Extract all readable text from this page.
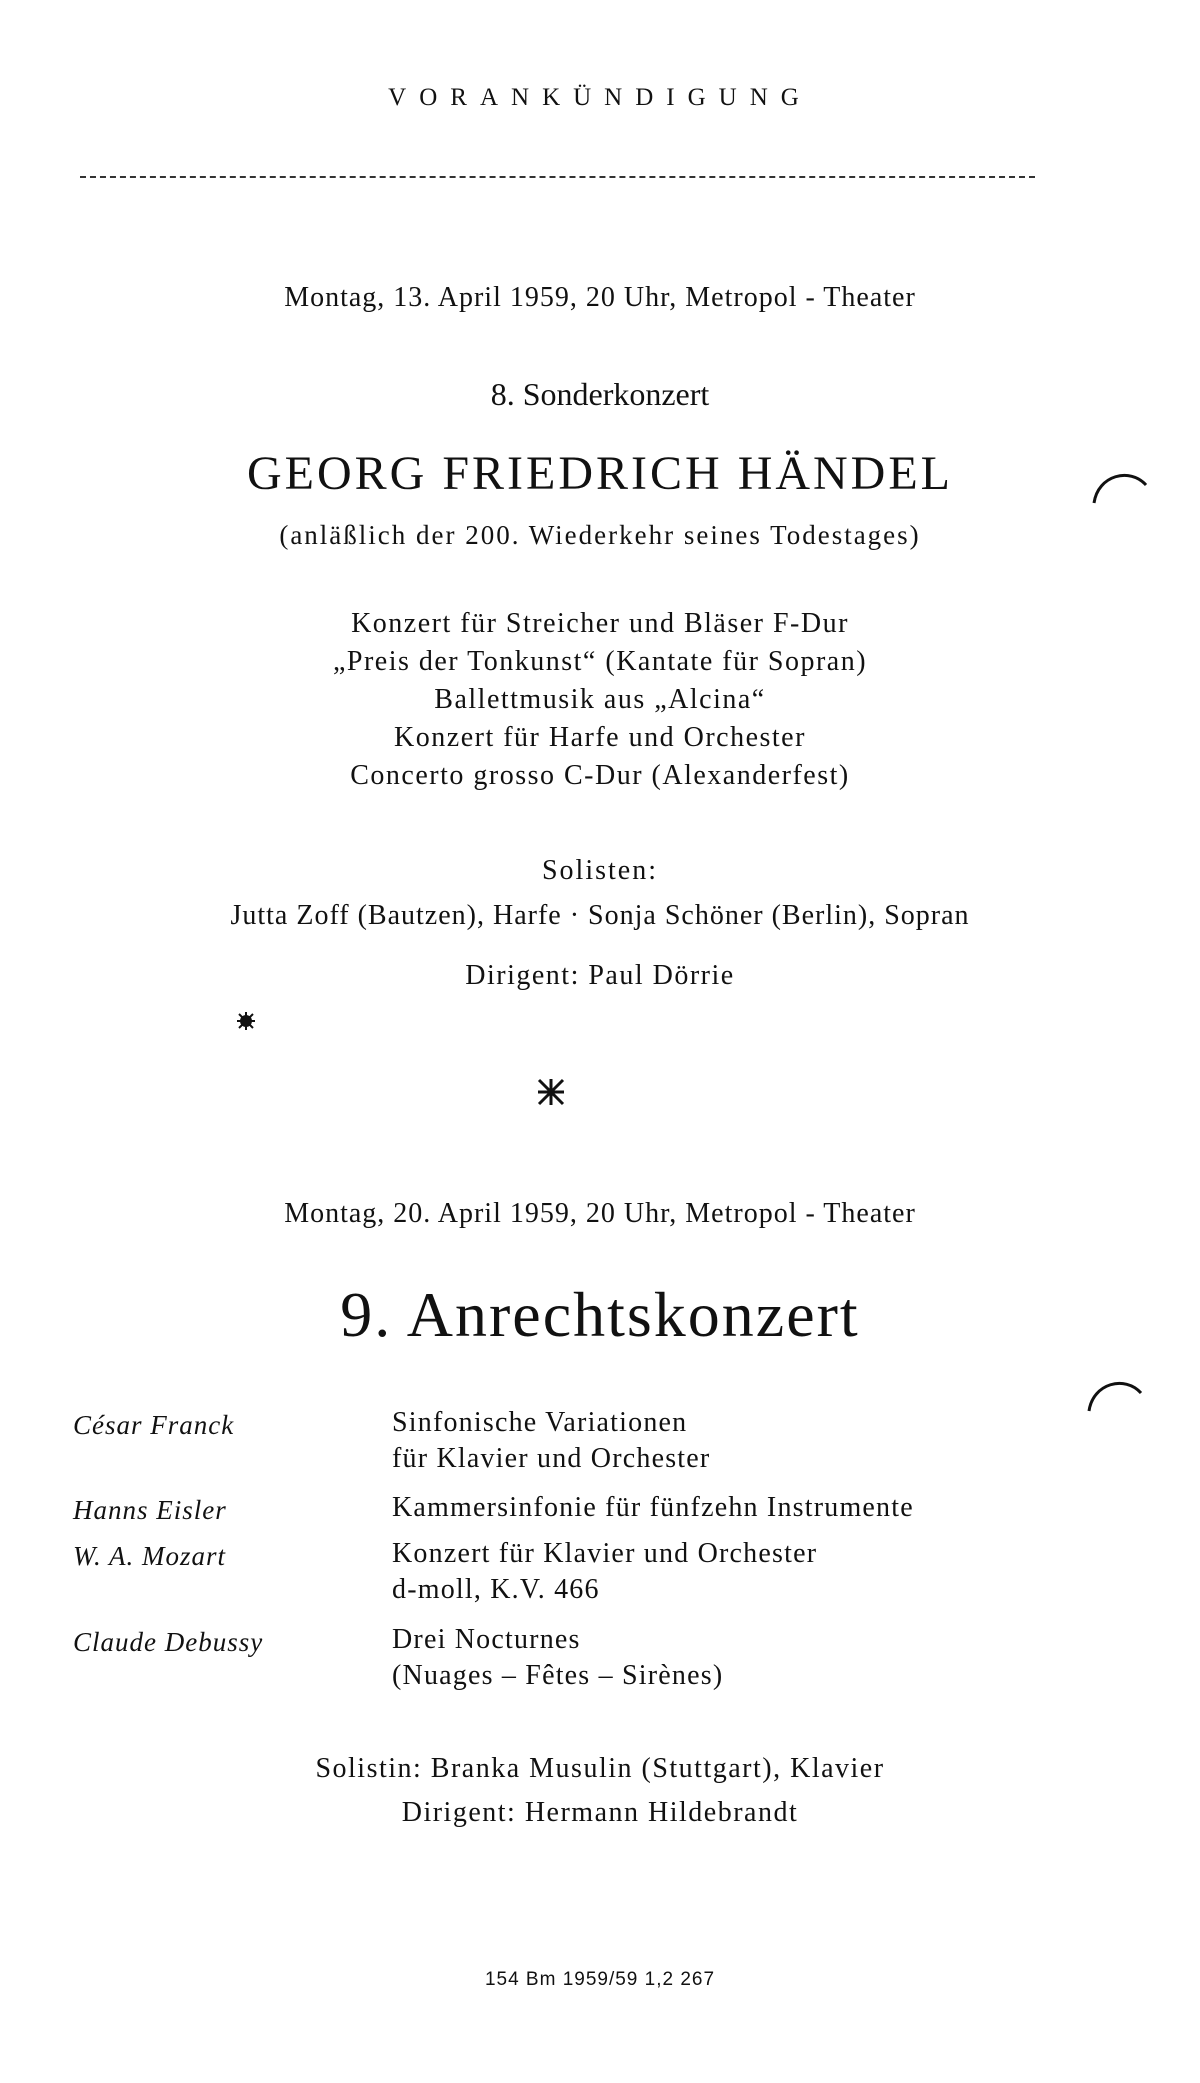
VORANKÜNDIGUNG
Montag, 13. April 1959, 20 Uhr, Metropol - Theater
8. Sonderkonzert
GEORG FRIEDRICH HÄNDEL
(anläßlich der 200. Wiederkehr seines Todestages)
Konzert für Streicher und Bläser F-Dur
„Preis der Tonkunst“ (Kantate für Sopran)
Ballettmusik aus „Alcina“
Konzert für Harfe und Orchester
Concerto grosso C-Dur (Alexanderfest)
Solisten:
Jutta Zoff (Bautzen), Harfe · Sonja Schöner (Berlin), Sopran
Dirigent: Paul Dörrie
Montag, 20. April 1959, 20 Uhr, Metropol - Theater
9. Anrechtskonzert
César Franck	Sinfonische Variationen
für Klavier und Orchester
Hanns Eisler	Kammersinfonie für fünfzehn Instrumente
W. A. Mozart	Konzert für Klavier und Orchester
d-moll, K.V. 466
Claude Debussy	Drei Nocturnes
(Nuages – Fêtes – Sirènes)
Solistin: Branka Musulin (Stuttgart), Klavier
Dirigent: Hermann Hildebrandt
154 Bm 1959/59 1,2 267
